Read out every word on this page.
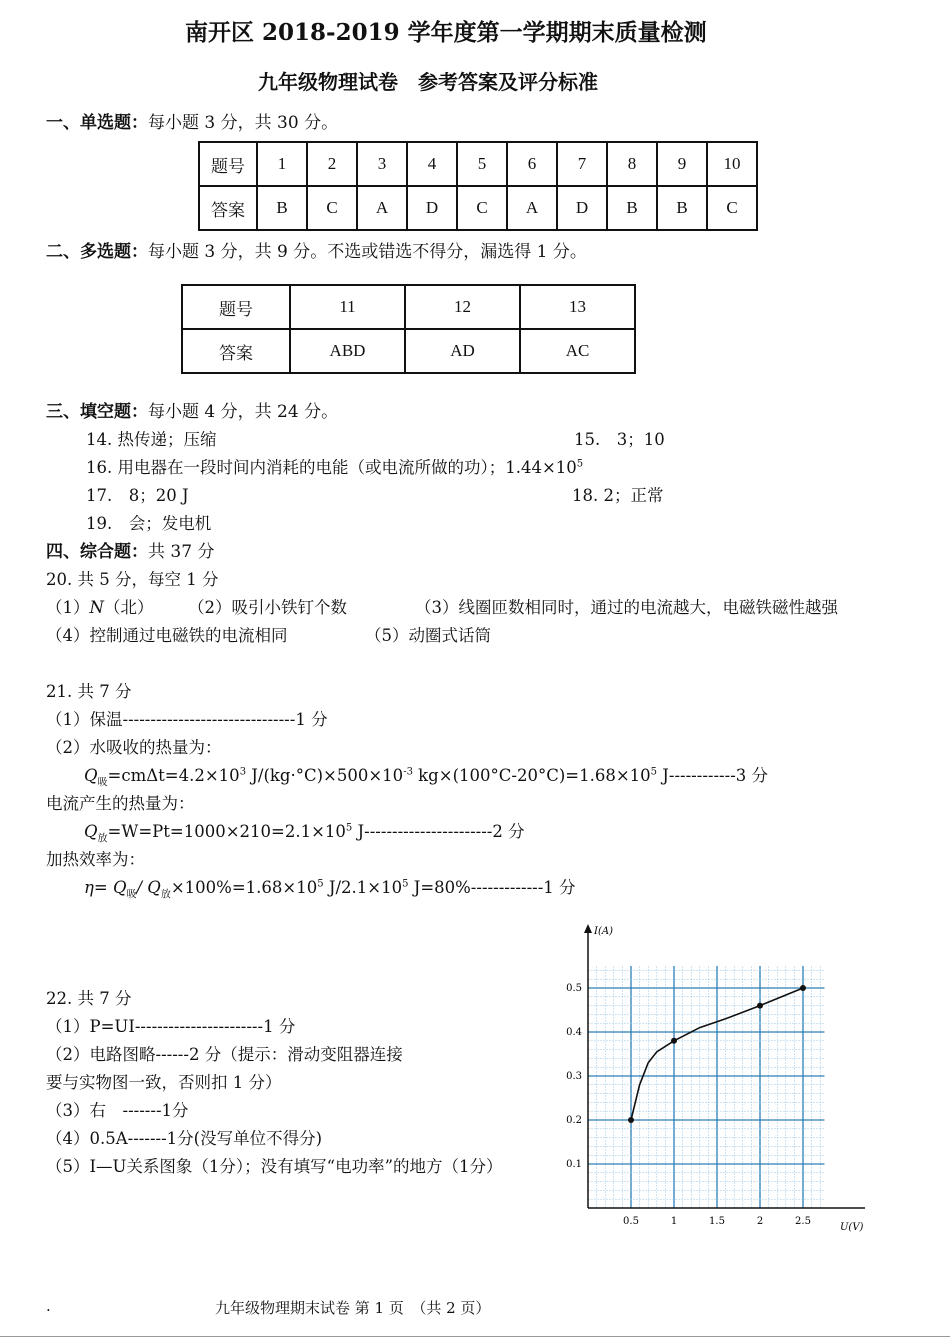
南开区 2018-2019 学年度第一学期期末质量检测
九年级物理试卷　参考答案及评分标准
一、单选题：每小题 3 分，共 30 分。
题号	1	2	3	4	5	6	7	8	9	10
答案	B	C	A	D	C	A	D	B	B	C
二、多选题：每小题 3 分，共 9 分。不选或错选不得分，漏选得 1 分。
题号	11	12	13
答案	ABD	AD	AC
三、填空题：每小题 4 分，共 24 分。
14. 热传递；压缩	15.　3；10
16. 用电器在一段时间内消耗的电能（或电流所做的功）；$1.44\times 10^5$
17.　8；20 J	18. 2；正常
19.　会；发电机
四、综合题：共 37 分
20. 共 5 分，每空 1 分
（1）N（北） （2）吸引小铁钉个数	（3）线圈匝数相同时，通过的电流越大，电磁铁磁性越强
（4）控制通过电磁铁的电流相同	（5）动圈式话筒
21. 共 7 分
（1）保温-------------------------------1 分
（2）水吸收的热量为：
$Q_吸=cm\Delta t=4.2\times 10^3$ $J/(kg\cdot^\circ C)\times 500\times 10^{-3}$ $kg\times(100^\circ C-20^\circ C)=1.68\times 10^5$ J------------3 分
电流产生的热量为：
$Q_放=W=Pt=1000\times 210=2.1\times 10^5$ J-----------------------2 分
加热效率为：
$\eta= Q_吸/$ $Q_放\times 100\%=1.68\times 10^5$ $J/2.1\times 10^5$ J=80%-------------1 分
22. 共 7 分
（1）P=UI-----------------------1 分
（2）电路图略------2 分（提示：滑动变阻器连接
要与实物图一致，否则扣 1 分）
（3）右　-------1分
（4）0.5A-------1分(没写单位不得分)
（5）I—U关系图象（1分）；没有填写“电功率”的地方（1分）
I(A)
U(V)
0.5	1	1.5	2	2.5
0.1
0.2
0.3
0.4
0.5
.	九年级物理期末试卷 第 1 页　（共 2 页）
